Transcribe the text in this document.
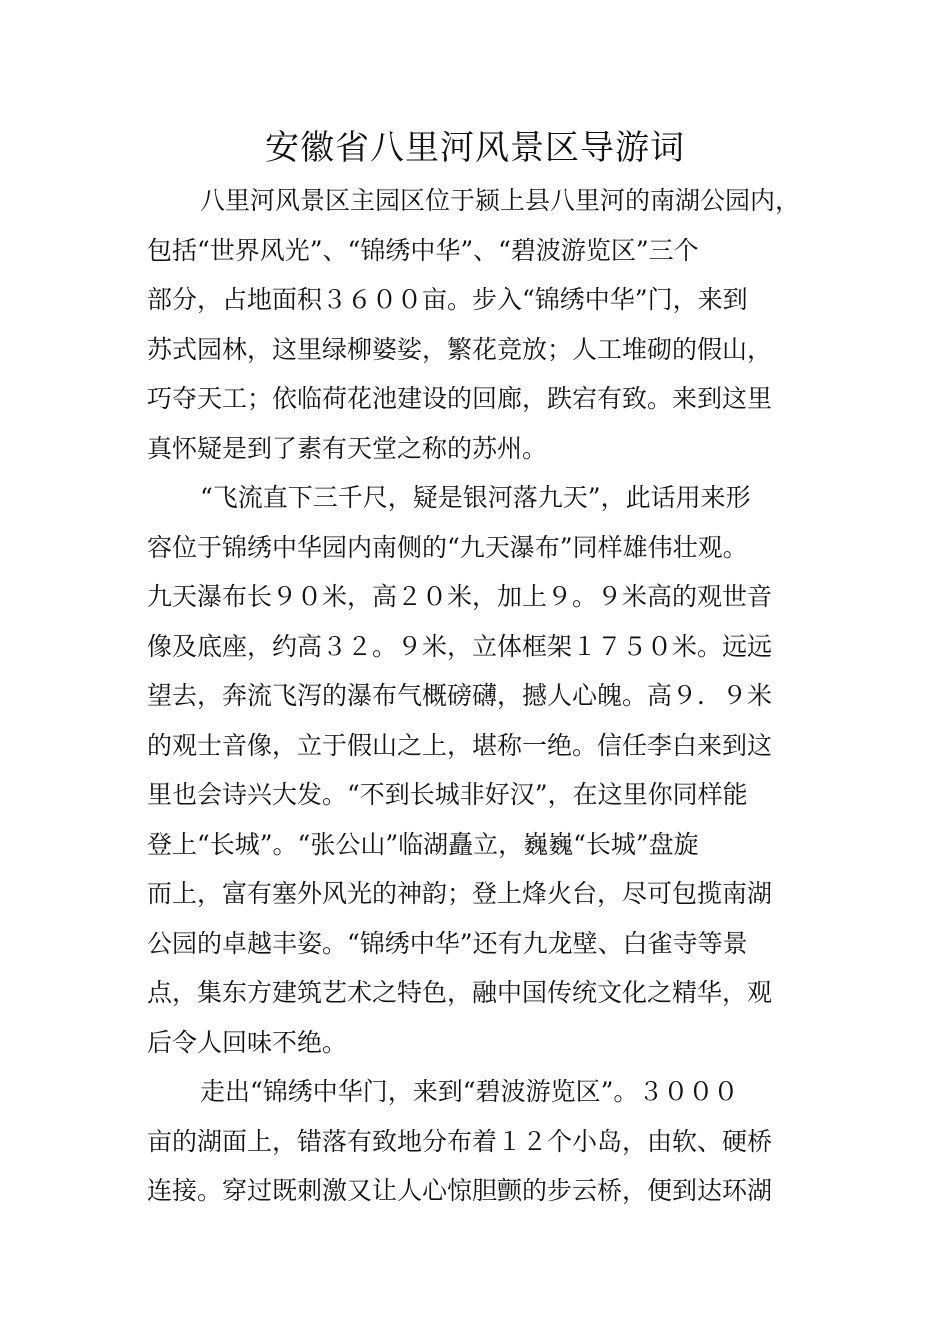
安徽省八里河风景区导游词
八里河风景区主园区位于颍上县八里河的南湖公园内，
包括“世界风光”、“锦绣中华”、“碧波游览区”三个
部分，占地面积３６００亩。步入“锦绣中华”门，来到
苏式园林，这里绿柳婆娑，繁花竞放；人工堆砌的假山，
巧夺天工；依临荷花池建设的回廊，跌宕有致。来到这里
真怀疑是到了素有天堂之称的苏州。
“飞流直下三千尺，疑是银河落九天”，此话用来形
容位于锦绣中华园内南侧的“九天瀑布”同样雄伟壮观。
九天瀑布长９０米，高２０米，加上９。９米高的观世音
像及底座，约高３２。９米，立体框架１７５０米。远远
望去，奔流飞泻的瀑布气概磅礴，撼人心魄。高９．９米
的观士音像，立于假山之上，堪称一绝。信任李白来到这
里也会诗兴大发。“不到长城非好汉”，在这里你同样能
登上“长城”。“张公山”临湖矗立，巍巍“长城”盘旋
而上，富有塞外风光的神韵；登上烽火台，尽可包揽南湖
公园的卓越丰姿。“锦绣中华”还有九龙壁、白雀寺等景
点，集东方建筑艺术之特色，融中国传统文化之精华，观
后令人回味不绝。
走出“锦绣中华门，来到“碧波游览区”。３０００
亩的湖面上，错落有致地分布着１２个小岛，由软、硬桥
连接。穿过既刺激又让人心惊胆颤的步云桥，便到达环湖
